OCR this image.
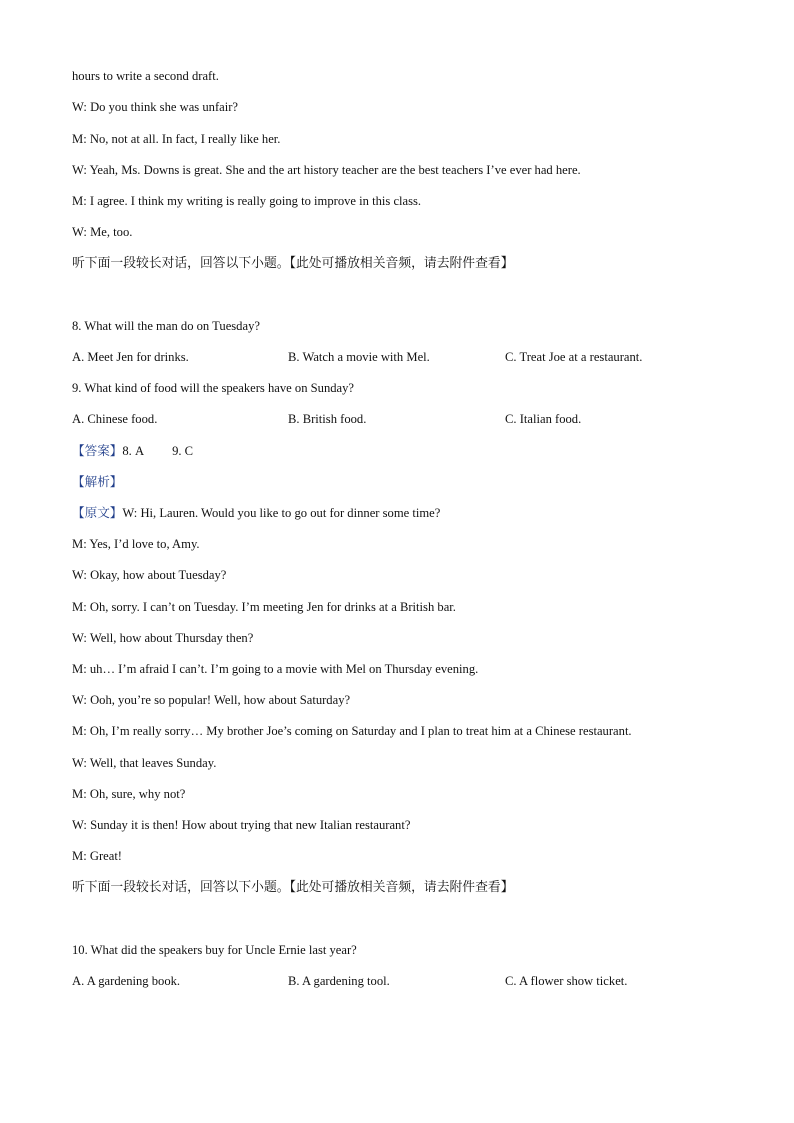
hours to write a second draft.
W: Do you think she was unfair?
M: No, not at all. In fact, I really like her.
W: Yeah, Ms. Downs is great. She and the art history teacher are the best teachers I’ve ever had here.
M: I agree. I think my writing is really going to improve in this class.
W: Me, too.
听下面一段较长对话，回答以下小题。【此处可播放相关音频，请去附件查看】
8. What will the man do on Tuesday?
A. Meet Jen for drinks.	B. Watch a movie with Mel.	C. Treat Joe at a restaurant.
9. What kind of food will the speakers have on Sunday?
A. Chinese food.	B. British food.	C. Italian food.
【答案】8. A 9. C
【解析】
【原文】W: Hi, Lauren. Would you like to go out for dinner some time?
M: Yes, I’d love to, Amy.
W: Okay, how about Tuesday?
M: Oh, sorry. I can’t on Tuesday. I’m meeting Jen for drinks at a British bar.
W: Well, how about Thursday then?
M: uh… I’m afraid I can’t. I’m going to a movie with Mel on Thursday evening.
W: Ooh, you’re so popular! Well, how about Saturday?
M: Oh, I’m really sorry… My brother Joe’s coming on Saturday and I plan to treat him at a Chinese restaurant.
W: Well, that leaves Sunday.
M: Oh, sure, why not?
W: Sunday it is then! How about trying that new Italian restaurant?
M: Great!
听下面一段较长对话，回答以下小题。【此处可播放相关音频，请去附件查看】
10. What did the speakers buy for Uncle Ernie last year?
A. A gardening book.	B. A gardening tool.	C. A flower show ticket.
